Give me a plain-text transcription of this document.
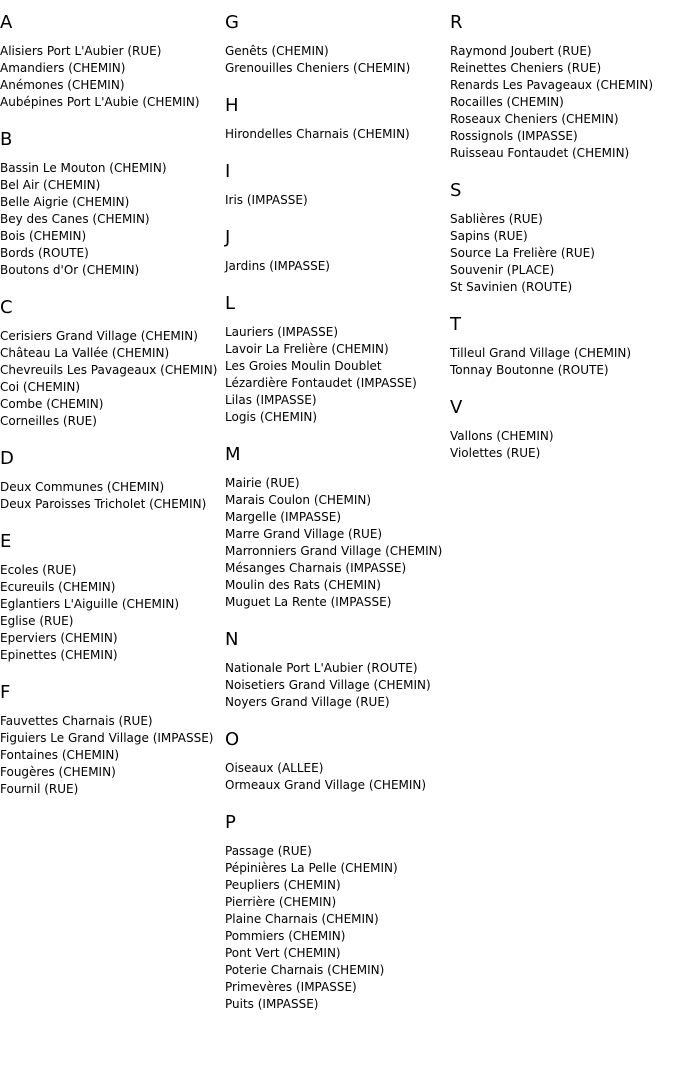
A
Alisiers Port L'Aubier (RUE)
Amandiers (CHEMIN)
Anémones (CHEMIN)
Aubépines Port L'Aubie (CHEMIN)
B
Bassin Le Mouton (CHEMIN)
Bel Air (CHEMIN)
Belle Aigrie (CHEMIN)
Bey des Canes (CHEMIN)
Bois (CHEMIN)
Bords (ROUTE)
Boutons d'Or (CHEMIN)
C
Cerisiers Grand Village (CHEMIN)
Château La Vallée (CHEMIN)
Chevreuils Les Pavageaux (CHEMIN)
Coi (CHEMIN)
Combe (CHEMIN)
Corneilles (RUE)
D
Deux Communes (CHEMIN)
Deux Paroisses Tricholet (CHEMIN)
E
Ecoles (RUE)
Ecureuils (CHEMIN)
Eglantiers L'Aiguille (CHEMIN)
Eglise (RUE)
Eperviers (CHEMIN)
Epinettes (CHEMIN)
F
Fauvettes Charnais (RUE)
Figuiers Le Grand Village (IMPASSE)
Fontaines (CHEMIN)
Fougères (CHEMIN)
Fournil (RUE)
G
Genêts (CHEMIN)
Grenouilles Cheniers (CHEMIN)
H
Hirondelles Charnais (CHEMIN)
I
Iris (IMPASSE)
J
Jardins (IMPASSE)
L
Lauriers (IMPASSE)
Lavoir La Frelière (CHEMIN)
Les Groies Moulin Doublet
Lézardière Fontaudet (IMPASSE)
Lilas (IMPASSE)
Logis (CHEMIN)
M
Mairie (RUE)
Marais Coulon (CHEMIN)
Margelle (IMPASSE)
Marre Grand Village (RUE)
Marronniers Grand Village (CHEMIN)
Mésanges Charnais (IMPASSE)
Moulin des Rats (CHEMIN)
Muguet La Rente (IMPASSE)
N
Nationale Port L'Aubier (ROUTE)
Noisetiers Grand Village (CHEMIN)
Noyers Grand Village (RUE)
O
Oiseaux (ALLEE)
Ormeaux Grand Village (CHEMIN)
P
Passage (RUE)
Pépinières La Pelle (CHEMIN)
Peupliers (CHEMIN)
Pierrière (CHEMIN)
Plaine Charnais (CHEMIN)
Pommiers (CHEMIN)
Pont Vert (CHEMIN)
Poterie Charnais (CHEMIN)
Primevères (IMPASSE)
Puits (IMPASSE)
R
Raymond Joubert (RUE)
Reinettes Cheniers (RUE)
Renards Les Pavageaux (CHEMIN)
Rocailles (CHEMIN)
Roseaux Cheniers (CHEMIN)
Rossignols (IMPASSE)
Ruisseau Fontaudet (CHEMIN)
S
Sablières (RUE)
Sapins (RUE)
Source La Frelière (RUE)
Souvenir (PLACE)
St Savinien (ROUTE)
T
Tilleul Grand Village (CHEMIN)
Tonnay Boutonne (ROUTE)
V
Vallons (CHEMIN)
Violettes (RUE)
